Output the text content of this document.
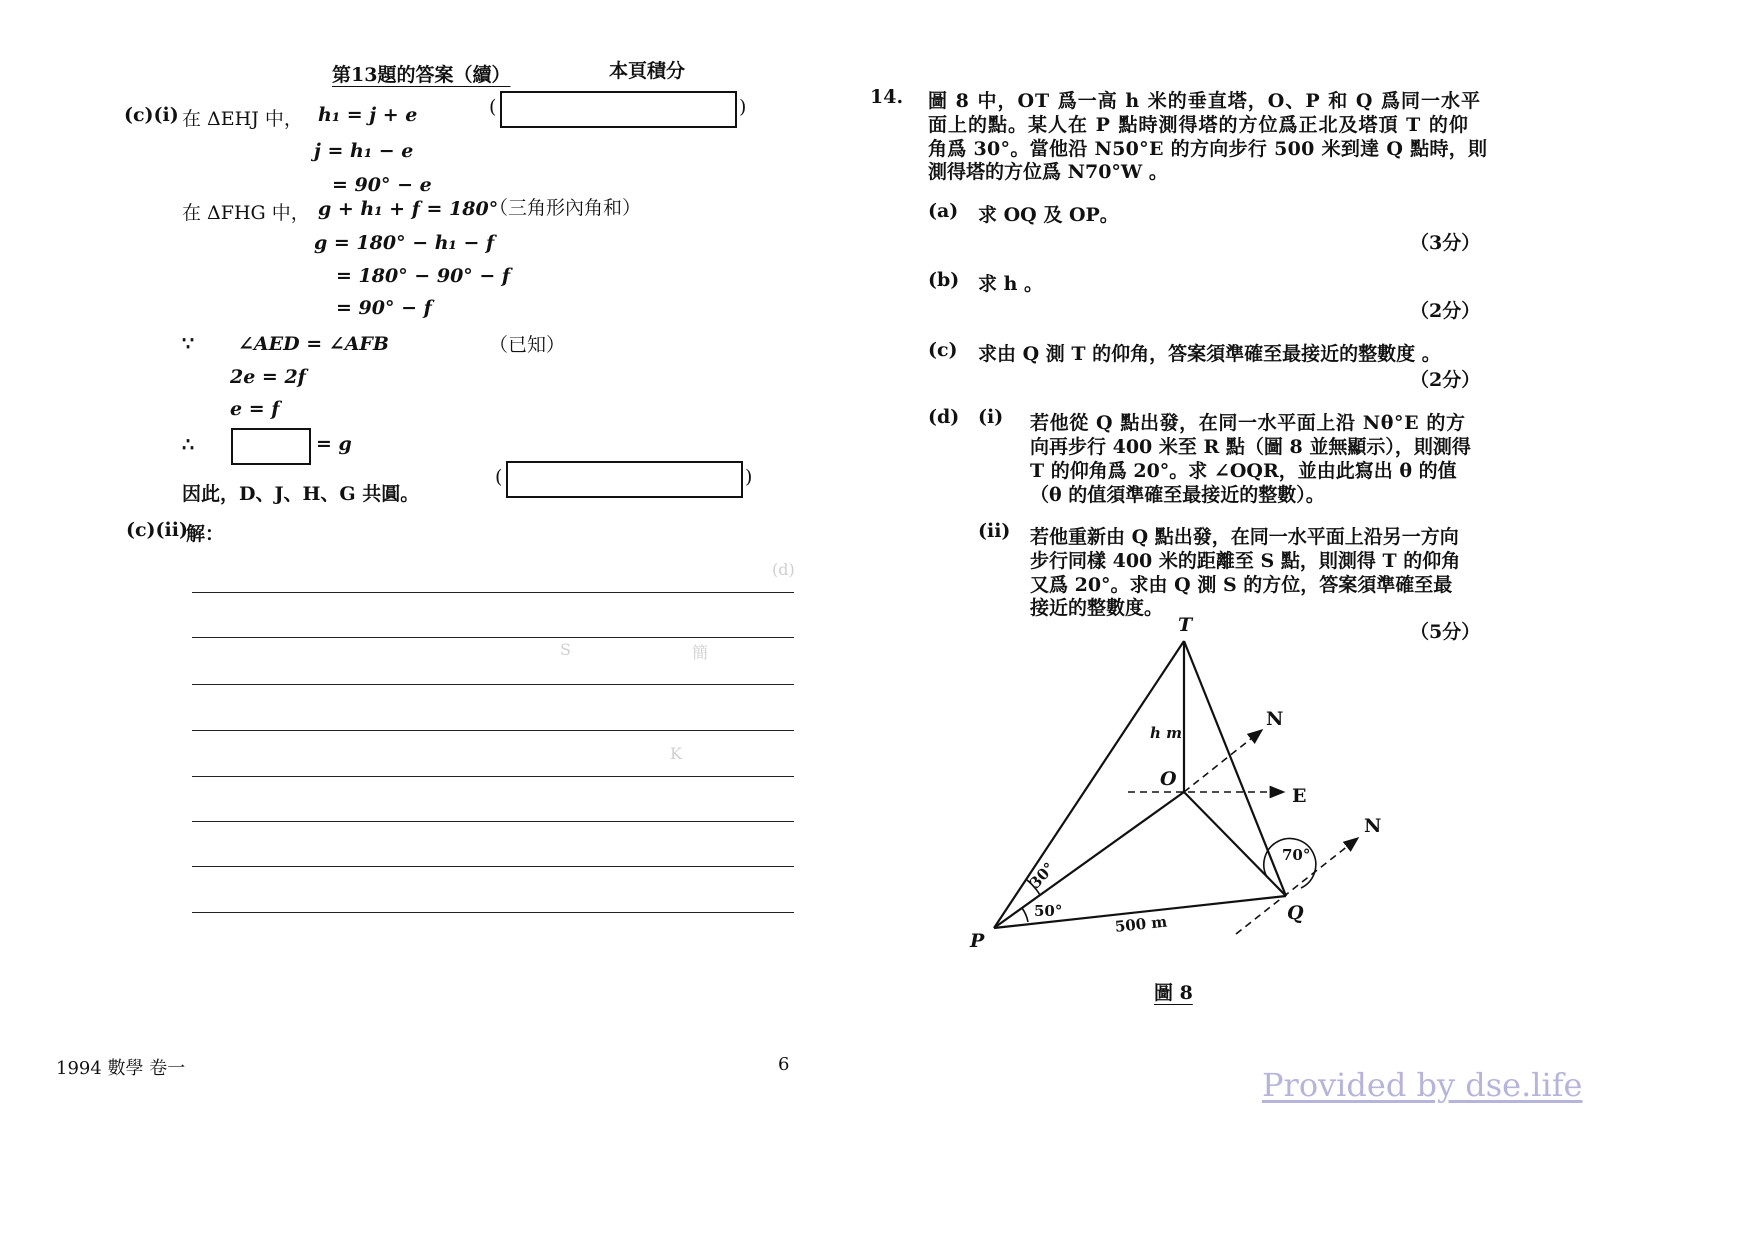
第13題的答案（續）	本頁積分
(c)(i) 在 ΔEHJ 中， h₁ = j + e	(	)
j = h₁ − e
= 90° − e
在 ΔFHG 中， g + h₁ + f = 180°
（三角形內角和）
g = 180° − h₁ − f
= 180° − 90° − f
= 90° − f
∵ ∠AED = ∠AFB	（已知）
2e = 2f
e = f
∴	= g
因此，D、J、H、G 共圓。
(	)
(c)(ii)
解：
(d)
簡
K
S
1994 數學 卷一	6
14. 圖 8 中，OT 爲一高 h 米的垂直塔，O、P 和 Q 爲同一水平
面上的點。某人在 P 點時測得塔的方位爲正北及塔頂 T 的仰
角爲 30°。當他沿 N50°E 的方向步行 500 米到達 Q 點時，則
測得塔的方位爲 N70°W 。
(a) 求 OQ 及 OP。
（3分）
(b) 求 h 。
（2分）
(c) 求由 Q 測 T 的仰角，答案須準確至最接近的整數度 。
（2分）
(d) (i) 若他從 Q 點出發，在同一水平面上沿 Nθ°E 的方
向再步行 400 米至 R 點（圖 8 並無顯示），則測得
T 的仰角爲 20°。求 ∠OQR，並由此寫出 θ 的值
（θ 的值須準確至最接近的整數）。
(ii) 若他重新由 Q 點出發，在同一水平面上沿另一方向
步行同樣 400 米的距離至 S 點，則測得 T 的仰角
又爲 20°。求由 Q 測 S 的方位，答案須準確至最
接近的整數度。
（5分）
T
O
P
Q
N
E
N
h m
30°
50°
70°
500 m
圖 8
Provided by dse.life
